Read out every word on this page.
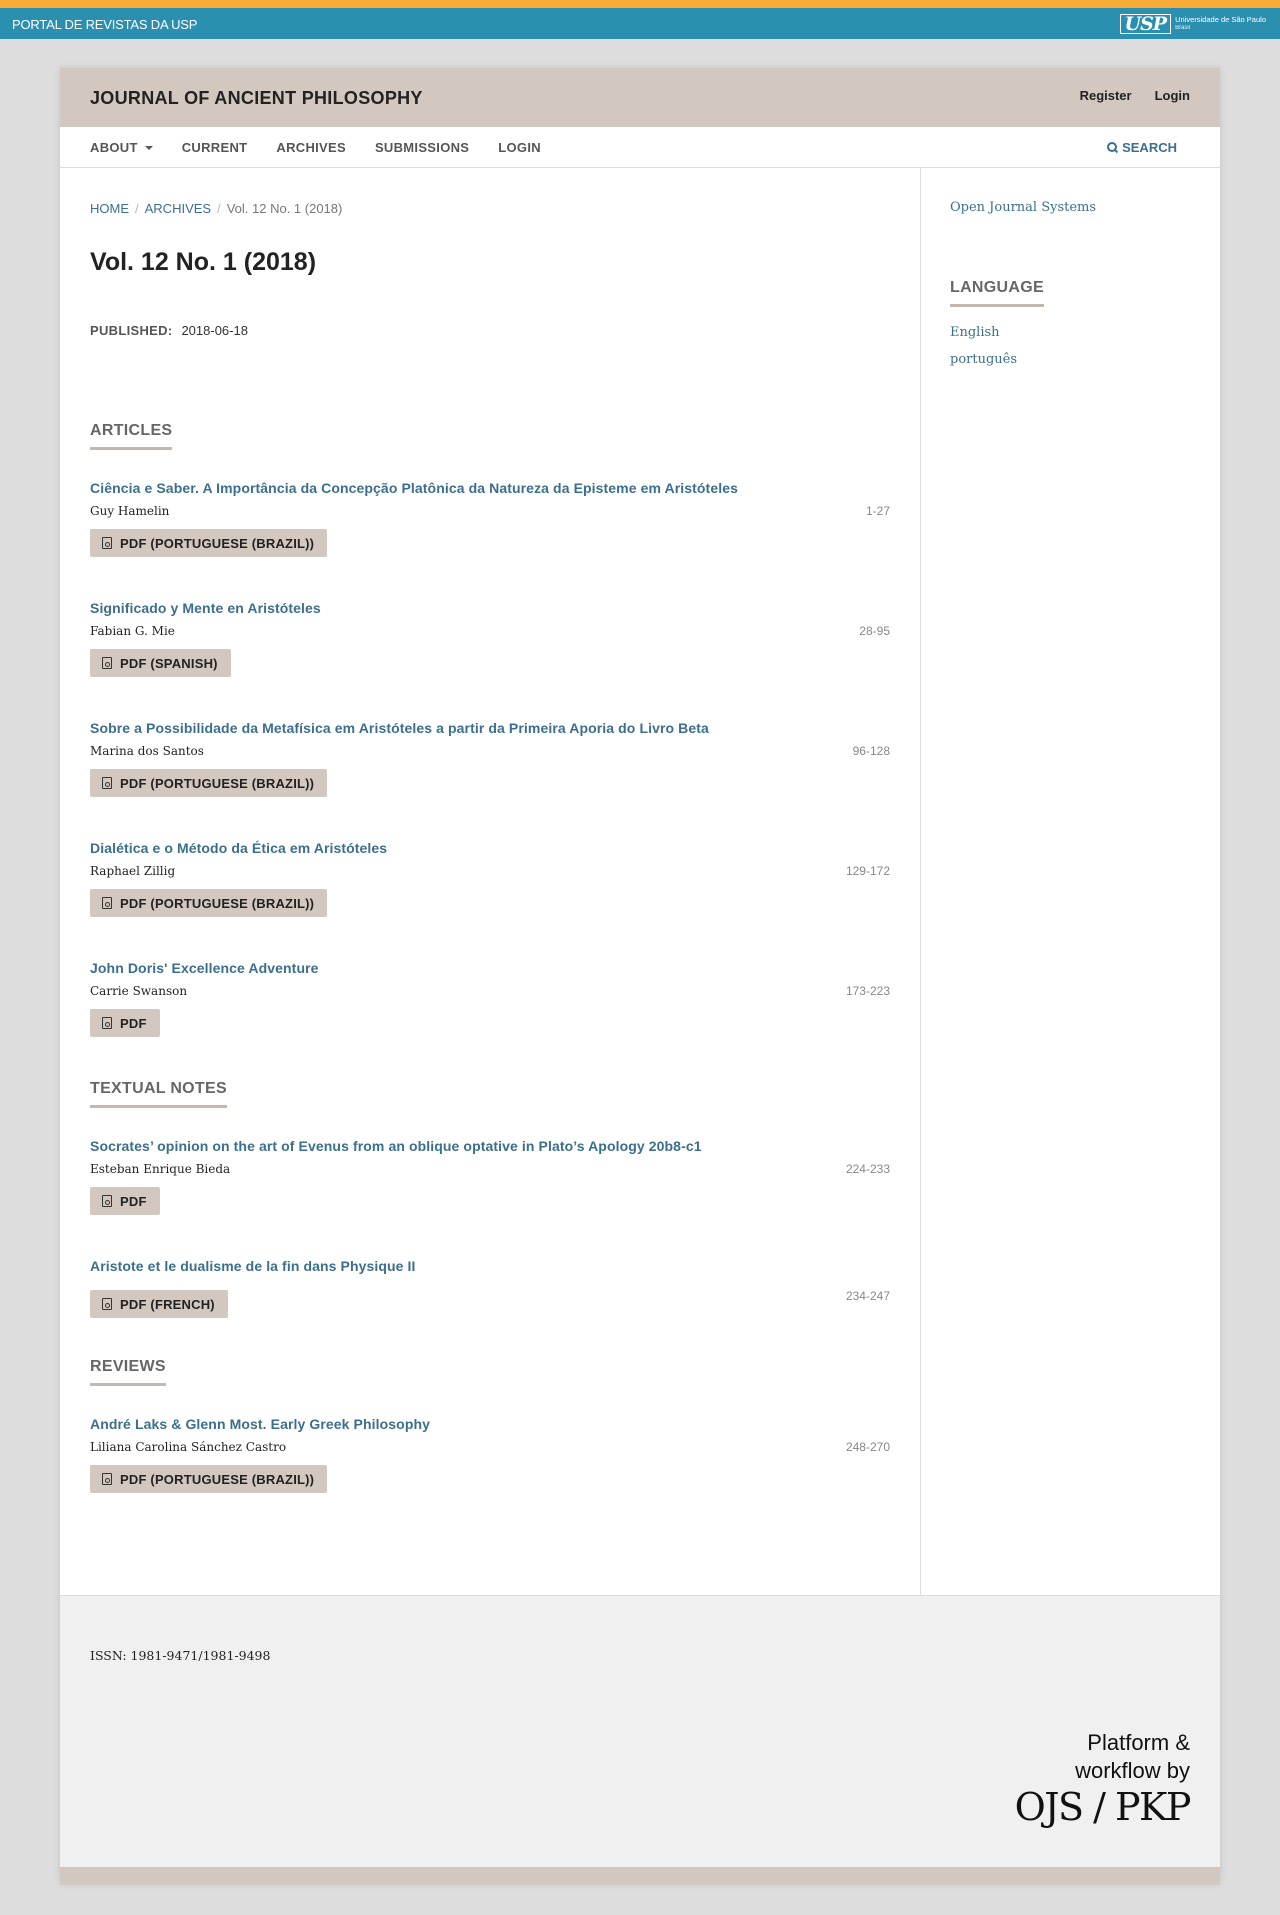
PORTAL DE REVISTAS DA USP	USP	Universidade de São Paulo
Brasil
JOURNAL OF ANCIENT PHILOSOPHY	Register Login
ABOUT	CURRENT ARCHIVES SUBMISSIONS LOGIN	SEARCH
HOME / ARCHIVES / Vol. 12 No. 1 (2018)
Vol. 12 No. 1 (2018)
PUBLISHED: 2018-06-18
ARTICLES
Ciência e Saber. A Importância da Concepção Platônica da Natureza da Episteme em Aristóteles
Guy Hamelin	1-27
PDF (PORTUGUESE (BRAZIL))
Significado y Mente en Aristóteles
Fabian G. Mie	28-95
PDF (SPANISH)
Sobre a Possibilidade da Metafísica em Aristóteles a partir da Primeira Aporia do Livro Beta
Marina dos Santos	96-128
PDF (PORTUGUESE (BRAZIL))
Dialética e o Método da Ética em Aristóteles
Raphael Zillig	129-172
PDF (PORTUGUESE (BRAZIL))
John Doris' Excellence Adventure
Carrie Swanson	173-223
PDF
TEXTUAL NOTES
Socrates’ opinion on the art of Evenus from an oblique optative in Plato’s Apology 20b8-c1
Esteban Enrique Bieda	224-233
PDF
Aristote et le dualisme de la fin dans Physique II
234-247
PDF (FRENCH)
REVIEWS
André Laks & Glenn Most. Early Greek Philosophy
Liliana Carolina Sánchez Castro	248-270
PDF (PORTUGUESE (BRAZIL))
Open Journal Systems
LANGUAGE
English
português
ISSN: 1981-9471/1981-9498
Platform &
workflow by
OJS / PKP
